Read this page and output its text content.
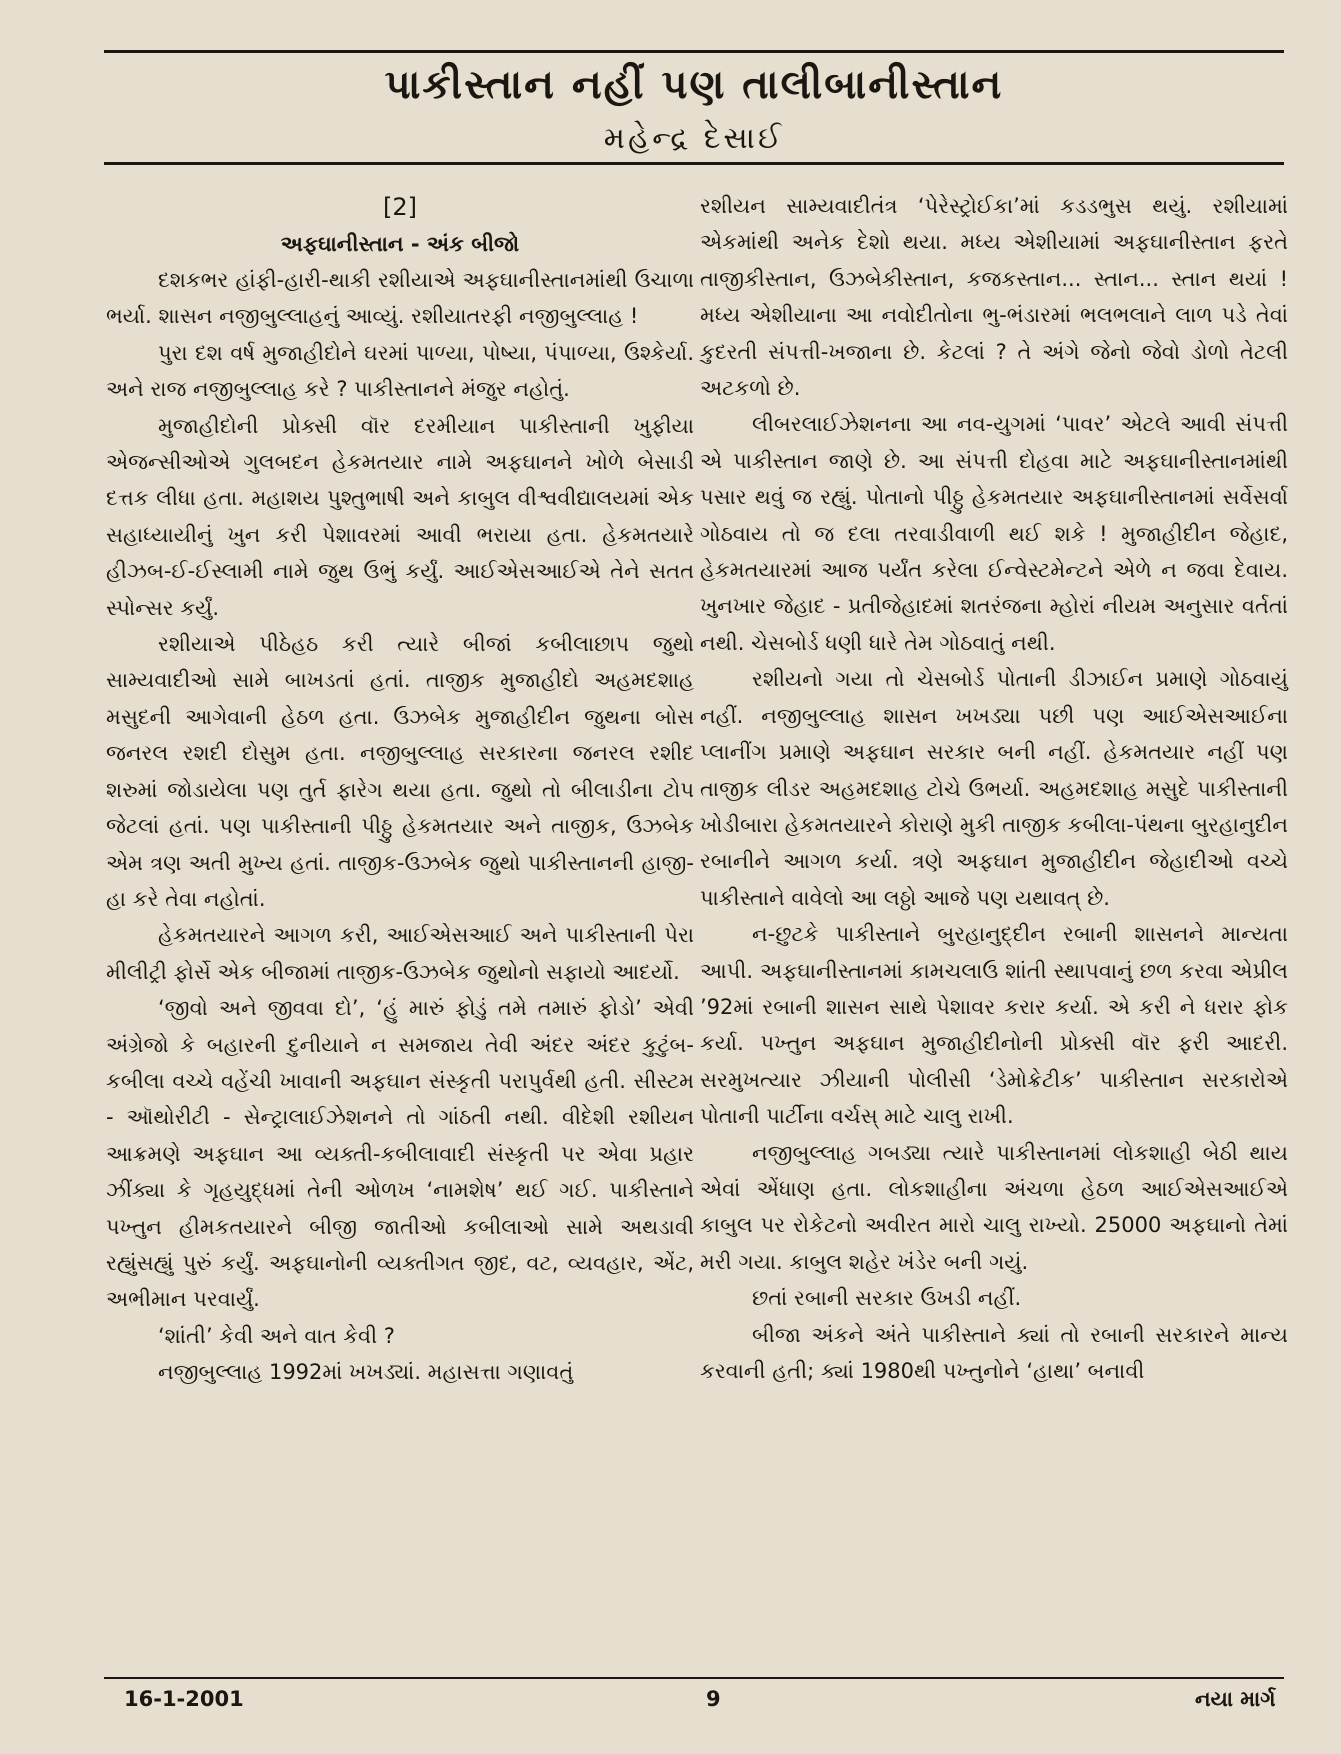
પાકીસ્તાન નહીં પણ તાલીબાનીસ્તાન
મહેન્દ્ર દેસાઈ
[2]
અફઘાનીસ્તાન - અંક બીજો

દશકભર હાંફી-હારી-થાકી રશીયાએ અફઘાનીસ્તાનમાંથી ઉચાળા ભર્યા. શાસન નજીબુલ્લાહનું આવ્યું. રશીયાતરફી નજીબુલ્લાહ !

પુરા દશ વર્ષ મુજાહીદોને ઘરમાં પાળ્યા, પોષ્યા, પંપાળ્યા, ઉશ્કેર્યા. અને રાજ નજીબુલ્લાહ કરે ? પાકીસ્તાનને મંજુર નહોતું.

મુજાહીદોની પ્રોક્સી વૉર દરમીયાન પાકીસ્તાની ખુફીયા એજન્સીઓએ ગુલબદન હેકમતયાર નામે અફઘાનને ખોળે બેસાડી દત્તક લીધા હતા. મહાશય પુશ્તુભાષી અને કાબુલ વીશ્વવીદ્યાલયમાં એક સહાધ્યાયીનું ખુન કરી પેશાવરમાં આવી ભરાયા હતા. હેકમતયારે હીઝબ-ઈ-ઈસ્લામી નામે જુથ ઉભું કર્યું. આઈએસઆઈએ તેને સતત સ્પોન્સર કર્યું.

રશીયાએ પીઠેહઠ કરી ત્યારે બીજાં કબીલાછાપ જુથો સામ્યવાદીઓ સામે બાખડતાં હતાં. તાજીક મુજાહીદો અહમદશાહ મસુદની આગેવાની હેઠળ હતા. ઉઝબેક મુજાહીદીન જુથના બોસ જનરલ રશદી દોસુમ હતા. નજીબુલ્લાહ સરકારના જનરલ રશીદ શરુમાં જોડાયેલા પણ તુર્ત ફારેગ થયા હતા. જુથો તો બીલાડીના ટોપ જેટલાં હતાં. પણ પાકીસ્તાની પીઠ્ઠુ હેકમતયાર અને તાજીક, ઉઝબેક એમ ત્રણ અતી મુખ્ય હતાં. તાજીક-ઉઝબેક જુથો પાકીસ્તાનની હાજી-હા કરે તેવા નહોતાં.

હેકમતયારને આગળ કરી, આઈએસઆઈ અને પાકીસ્તાની પેરા મીલીટ્રી ફોર્સે એક બીજામાં તાજીક-ઉઝબેક જુથોનો સફાયો આદર્યો.

‘જીવો અને જીવવા દો’, ‘હું મારું ફોડું તમે તમારું ફોડો’ એવી અંગ્રેજો કે બહારની દુનીયાને ન સમજાય તેવી અંદર અંદર કુટુંબ-કબીલા વચ્ચે વહેંચી ખાવાની અફઘાન સંસ્કૃતી પરાપુર્વથી હતી. સીસ્ટમ - ઑથોરીટી - સેન્ટ્રાલાઈઝેશનને તો ગાંઠતી નથી. વીદેશી રશીયન આક્રમણે અફઘાન આ વ્યક્તી-કબીલાવાદી સંસ્કૃતી પર એવા પ્રહાર ઝીંક્યા કે ગૃહયુદ્ધમાં તેની ઓળખ ‘નામશેષ’ થઈ ગઈ. પાકીસ્તાને પખ્તુન હીમકતયારને બીજી જાતીઓ કબીલાઓ સામે અથડાવી રહ્યુંસહ્યું પુરું કર્યું. અફઘાનોની વ્યક્તીગત જીદ, વટ, વ્યવહાર, એંટ, અભીમાન પરવાર્યું.

‘શાંતી’ કેવી અને વાત કેવી ?

નજીબુલ્લાહ 1992માં ખખડ્યાં. મહાસત્તા ગણાવતું

રશીયન સામ્યવાદીતંત્ર ‘પેરેસ્ટ્રોઈકા’માં કડડભુસ થયું. રશીયામાં એકમાંથી અનેક દેશો થયા. મધ્ય એશીયામાં અફઘાનીસ્તાન ફરતે તાજીકીસ્તાન, ઉઝબેકીસ્તાન, કજકસ્તાન... સ્તાન... સ્તાન થયાં ! મધ્ય એશીયાના આ નવોદીતોના ભુ-ભંડારમાં ભલભલાને લાળ પડે તેવાં કુદરતી સંપત્તી-ખજાના છે. કેટલાં ? તે અંગે જેનો જેવો ડોળો તેટલી અટકળો છે.

લીબરલાઈઝેશનના આ નવ-યુગમાં ‘પાવર’ એટલે આવી સંપત્તી એ પાકીસ્તાન જાણે છે. આ સંપત્તી દોહવા માટે અફઘાનીસ્તાનમાંથી પસાર થવું જ રહ્યું. પોતાનો પીઠ્ઠુ હેકમતયાર અફઘાનીસ્તાનમાં સર્વેસર્વા ગોઠવાય તો જ દલા તરવાડીવાળી થઈ શકે ! મુજાહીદીન જેહાદ, હેકમતયારમાં આજ પર્યંત કરેલા ઈન્વેસ્ટમેન્ટને એળે ન જવા દેવાય. ખુનખાર જેહાદ - પ્રતીજેહાદમાં શતરંજના મ્હોરાં નીયમ અનુસાર વર્તતાં નથી. ચેસબોર્ડ ધણી ધારે તેમ ગોઠવાતું નથી.

રશીયનો ગયા તો ચેસબોર્ડ પોતાની ડીઝાઈન પ્રમાણે ગોઠવાયું નહીં. નજીબુલ્લાહ શાસન ખખડ્યા પછી પણ આઈએસઆઈના પ્લાનીંગ પ્રમાણે અફઘાન સરકાર બની નહીં. હેકમતયાર નહીં પણ તાજીક લીડર અહમદશાહ ટોચે ઉભર્યા. અહમદશાહ મસુદે પાકીસ્તાની ખોડીબારા હેકમતયારને કોરાણે મુકી તાજીક કબીલા-પંથના બુરહાનુદીન રબાનીને આગળ કર્યા. ત્રણે અફઘાન મુજાહીદીન જેહાદીઓ વચ્ચે પાકીસ્તાને વાવેલો આ લઠ્ઠો આજે પણ યથાવત્ છે.

ન-છુટકે પાકીસ્તાને બુરહાનુદ્દીન રબાની શાસનને માન્યતા આપી. અફઘાનીસ્તાનમાં કામચલાઉ શાંતી સ્થાપવાનું છળ કરવા એપ્રીલ ’92માં રબાની શાસન સાથે પેશાવર કરાર કર્યા. એ કરી ને ધરાર ફોક કર્યા. પખ્તુન અફઘાન મુજાહીદીનોની પ્રોક્સી વૉર ફરી આદરી. સરમુખત્યાર ઝીયાની પોલીસી ‘ડેમોક્રેટીક’ પાકીસ્તાન સરકારોએ પોતાની પાર્ટીના વર્ચસ્ માટે ચાલુ રાખી.

નજીબુલ્લાહ ગબડ્યા ત્યારે પાકીસ્તાનમાં લોકશાહી બેઠી થાય એવાં એંધાણ હતા. લોકશાહીના અંચળા હેઠળ આઈએસઆઈએ કાબુલ પર રોકેટનો અવીરત મારો ચાલુ રાખ્યો. 25000 અફઘાનો તેમાં મરી ગયા. કાબુલ શહેર ખંડેર બની ગયું.

છતાં રબાની સરકાર ઉખડી નહીં.

બીજા અંકને અંતે પાકીસ્તાને ક્યાં તો રબાની સરકારને માન્ય કરવાની હતી; ક્યાં 1980થી પખ્તુનોને ‘હાથા’ બનાવી

16-1-2001	9	નયા માર્ગ
